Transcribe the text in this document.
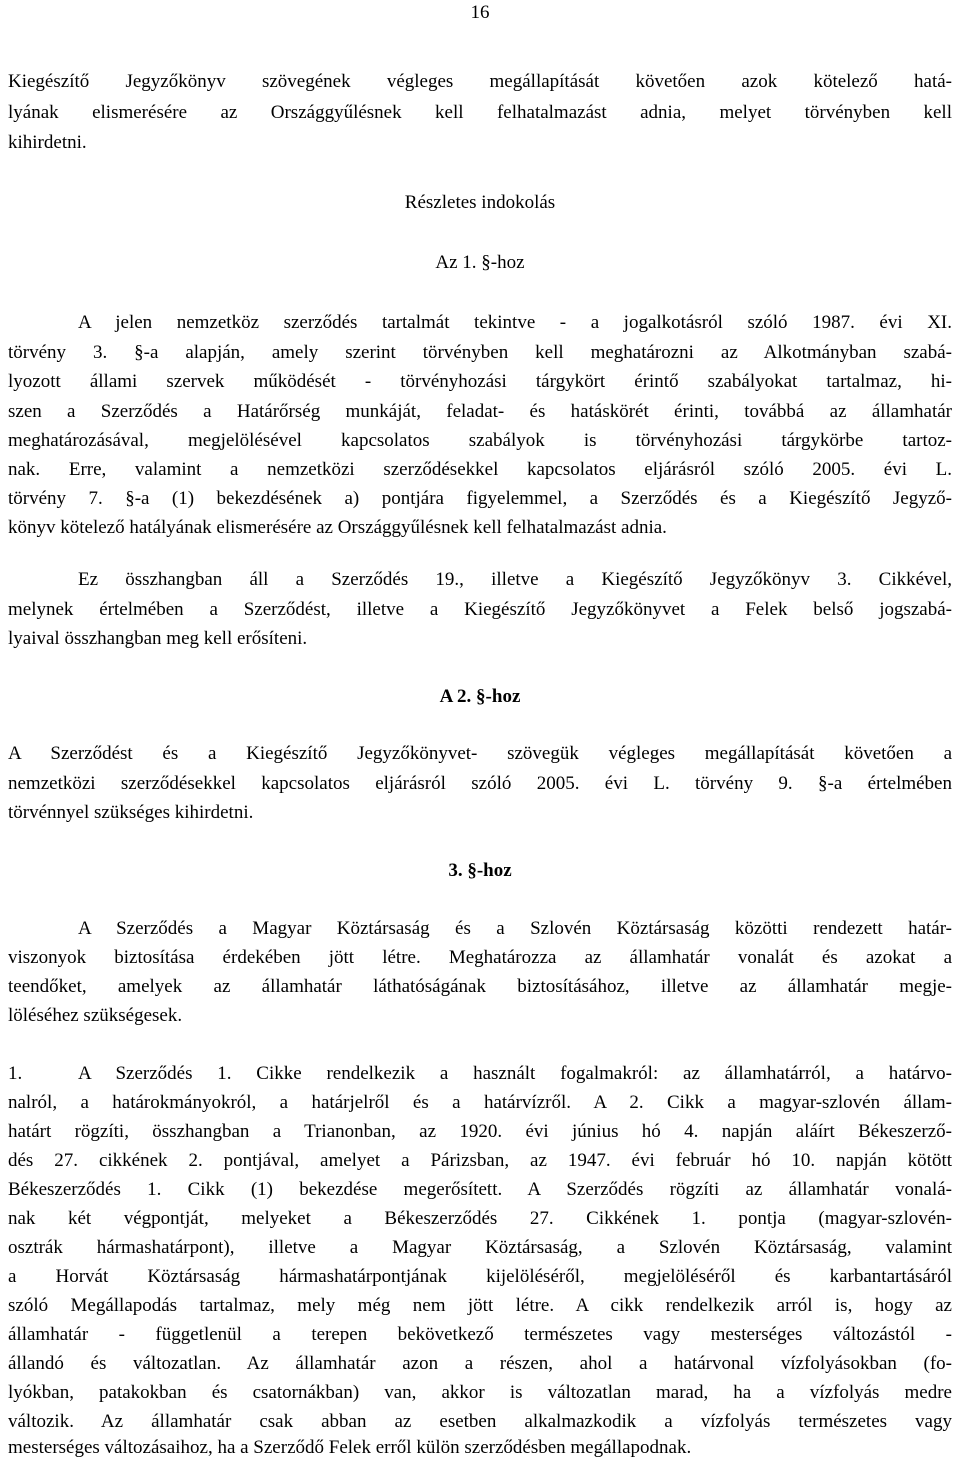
16
Kiegészítő Jegyzőkönyv szövegének végleges megállapítását követően azok kötelező hatá-
lyának elismerésére az Országgyűlésnek kell felhatalmazást adnia, melyet törvényben kell
kihirdetni.
Részletes indokolás
Az 1. §-hoz
A jelen nemzetköz szerződés tartalmát tekintve - a jogalkotásról szóló 1987. évi XI.
törvény 3. §-a alapján, amely szerint törvényben kell meghatározni az Alkotmányban szabá-
lyozott állami szervek működését - törvényhozási tárgykört érintő szabályokat tartalmaz, hi-
szen a Szerződés a Határőrség munkáját, feladat- és hatáskörét érinti, továbbá az államhatár
meghatározásával, megjelölésével kapcsolatos szabályok is törvényhozási tárgykörbe tartoz-
nak. Erre, valamint a nemzetközi szerződésekkel kapcsolatos eljárásról szóló 2005. évi L.
törvény 7. §-a (1) bekezdésének a) pontjára figyelemmel, a Szerződés és a Kiegészítő Jegyző-
könyv kötelező hatályának elismerésére az Országgyűlésnek kell felhatalmazást adnia.
Ez összhangban áll a Szerződés 19., illetve a Kiegészítő Jegyzőkönyv 3. Cikkével,
melynek értelmében a Szerződést, illetve a Kiegészítő Jegyzőkönyvet a Felek belső jogszabá-
lyaival összhangban meg kell erősíteni.
A 2. §-hoz
A Szerződést és a Kiegészítő Jegyzőkönyvet- szövegük végleges megállapítását követően a
nemzetközi szerződésekkel kapcsolatos eljárásról szóló 2005. évi L. törvény 9. §-a értelmében
törvénnyel szükséges kihirdetni.
3. §-hoz
A Szerződés a Magyar Köztársaság és a Szlovén Köztársaság közötti rendezett határ-
viszonyok biztosítása érdekében jött létre. Meghatározza az államhatár vonalát és azokat a
teendőket, amelyek az államhatár láthatóságának biztosításához, illetve az államhatár megje-
löléséhez szükségesek.
1.	A Szerződés 1. Cikke rendelkezik a használt fogalmakról: az államhatárról, a határvo-
nalról, a határokmányokról, a határjelről és a határvízről. A 2. Cikk a magyar-szlovén állam-
határt rögzíti, összhangban a Trianonban, az 1920. évi június hó 4. napján aláírt Békeszerző-
dés 27. cikkének 2. pontjával, amelyet a Párizsban, az 1947. évi február hó 10. napján kötött
Békeszerződés 1. Cikk (1) bekezdése megerősített. A Szerződés rögzíti az államhatár vonalá-
nak két végpontját, melyeket a Békeszerződés 27. Cikkének 1. pontja (magyar-szlovén-
osztrák hármashatárpont), illetve a Magyar Köztársaság, a Szlovén Köztársaság, valamint
a Horvát Köztársaság hármashatárpontjának kijelöléséről, megjelöléséről és karbantartásáról
szóló Megállapodás tartalmaz, mely még nem jött létre. A cikk rendelkezik arról is, hogy az
államhatár - függetlenül a terepen bekövetkező természetes vagy mesterséges változástól -
állandó és változatlan. Az államhatár azon a részen, ahol a határvonal vízfolyásokban (fo-
lyókban, patakokban és csatornákban) van, akkor is változatlan marad, ha a vízfolyás medre
változik. Az államhatár csak abban az esetben alkalmazkodik a vízfolyás természetes vagy
mesterséges változásaihoz, ha a Szerződő Felek erről külön szerződésben megállapodnak.
